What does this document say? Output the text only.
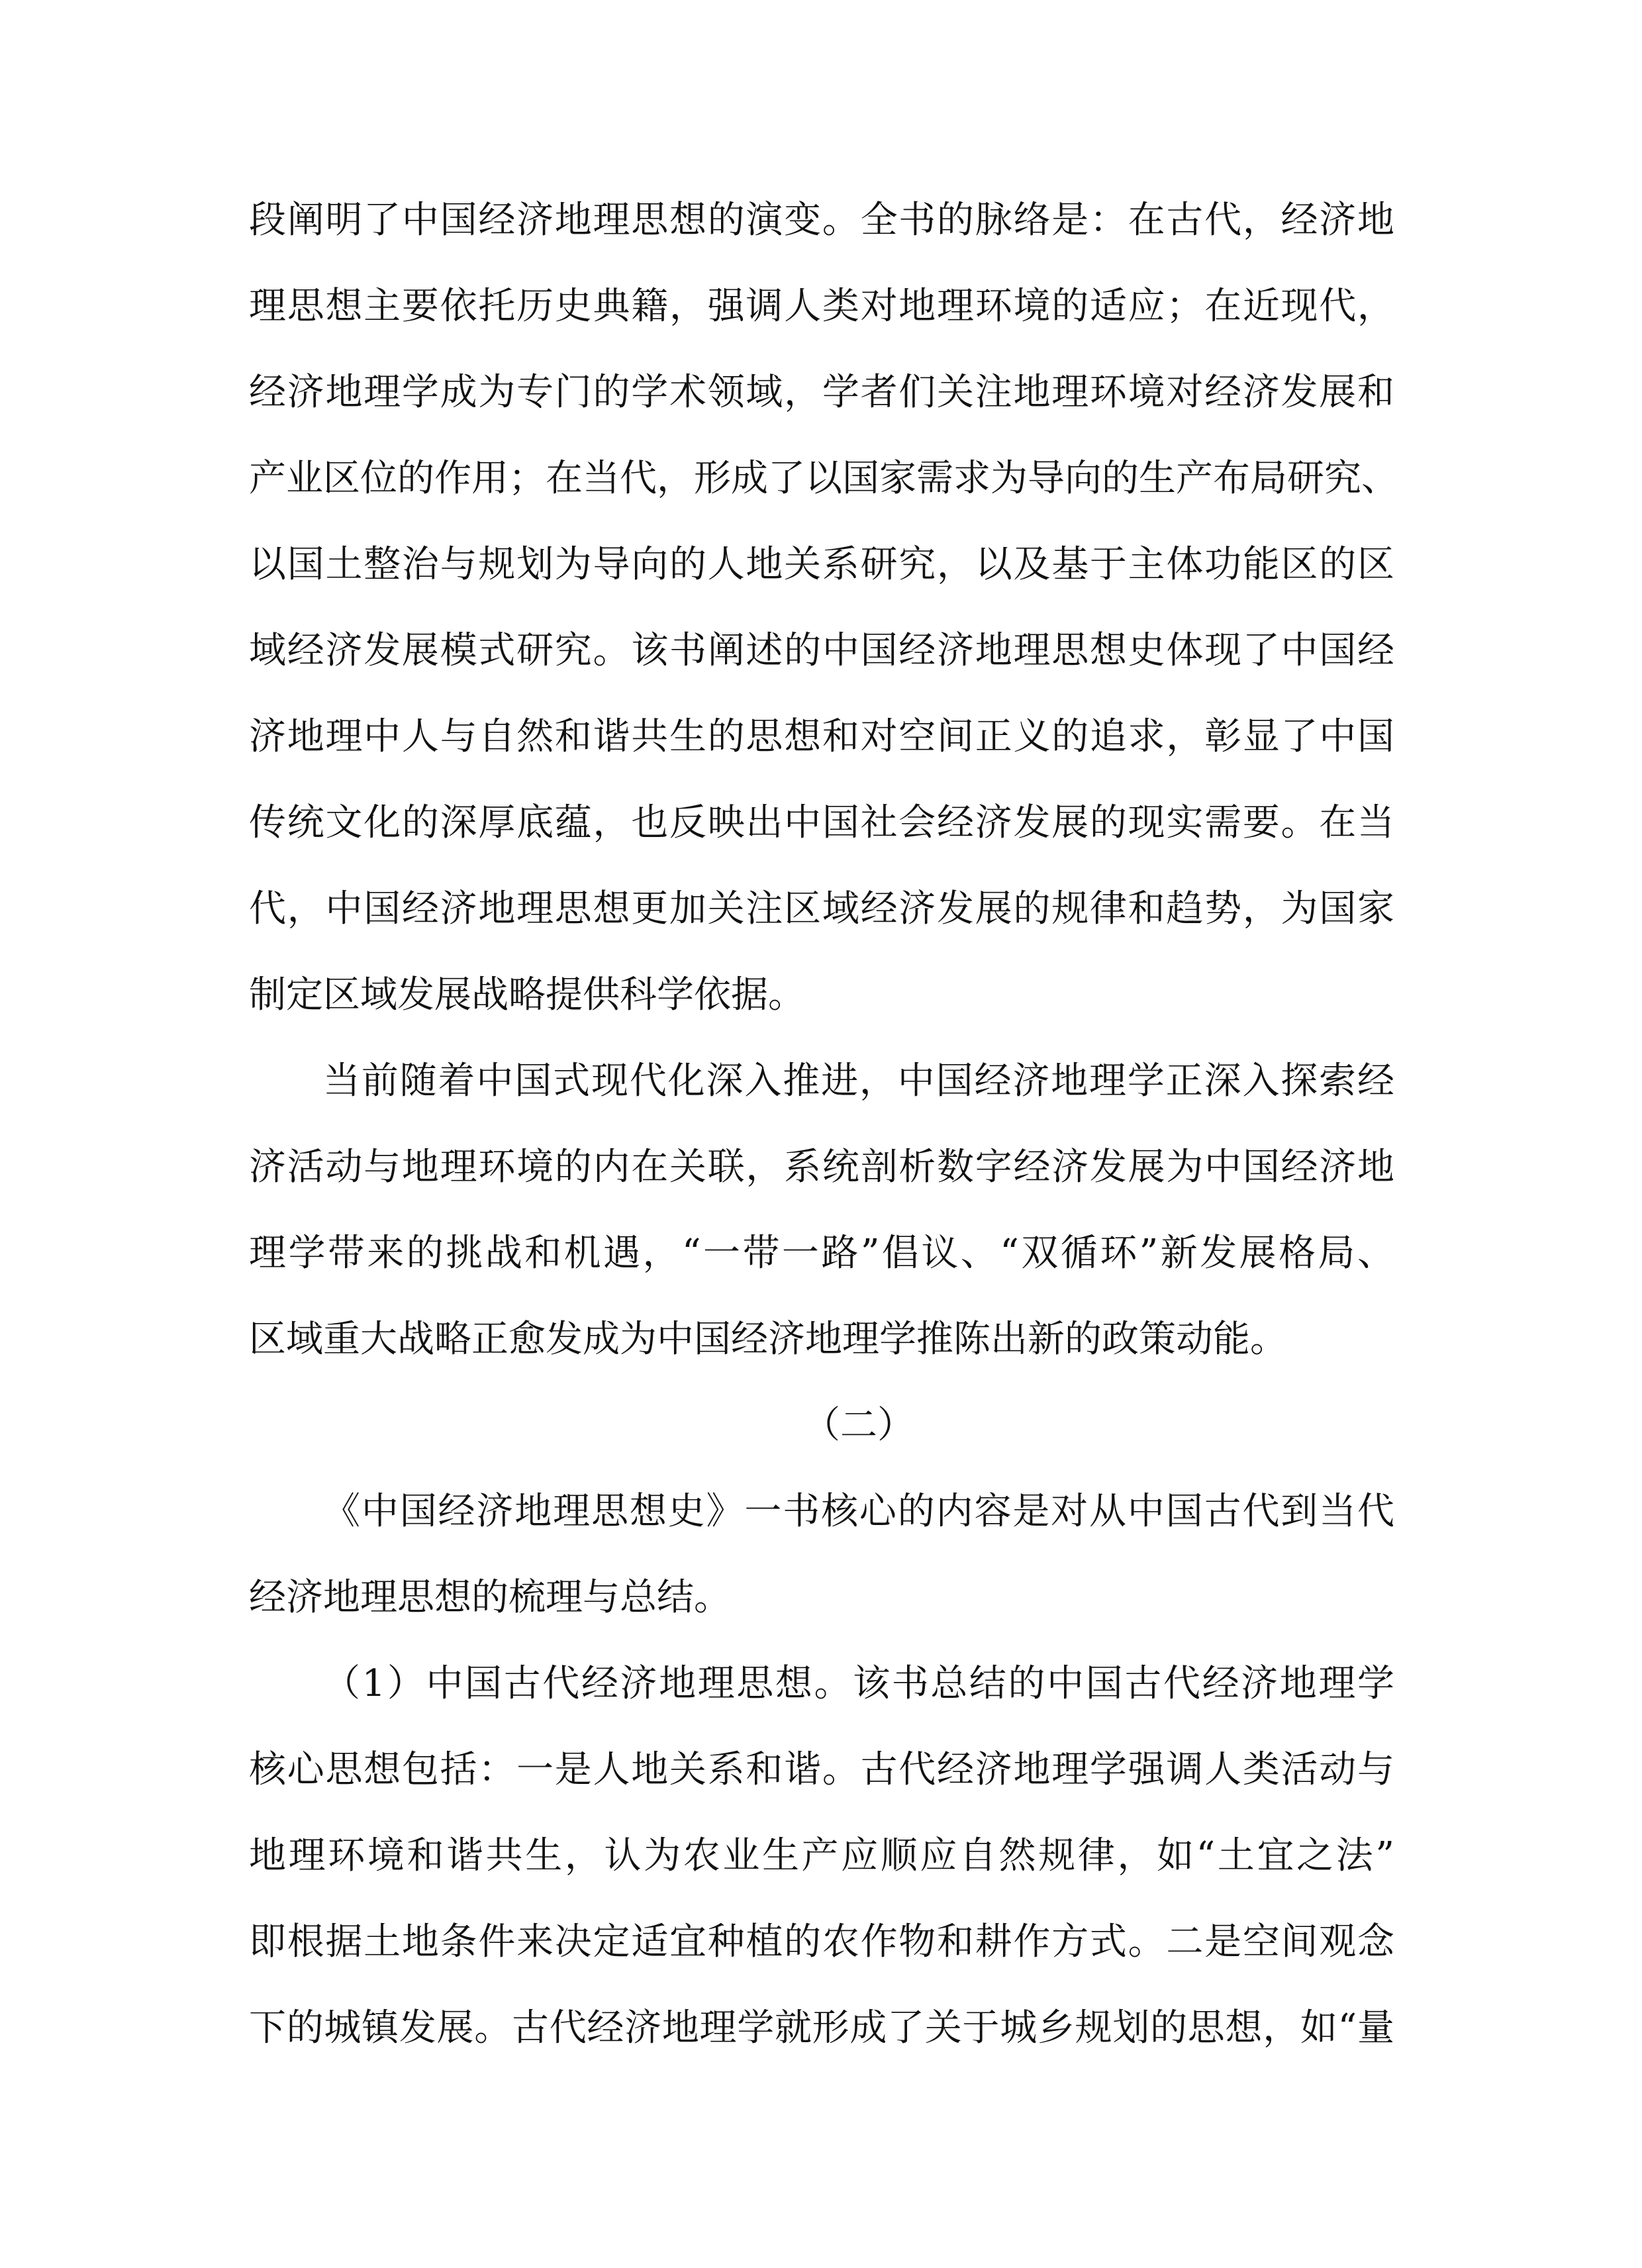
段阐明了中国经济地理思想的演变。全书的脉络是：在古代，经济地
理思想主要依托历史典籍，强调人类对地理环境的适应；在近现代，
经济地理学成为专门的学术领域，学者们关注地理环境对经济发展和
产业区位的作用；在当代，形成了以国家需求为导向的生产布局研究、
以国土整治与规划为导向的人地关系研究，以及基于主体功能区的区
域经济发展模式研究。该书阐述的中国经济地理思想史体现了中国经
济地理中人与自然和谐共生的思想和对空间正义的追求，彰显了中国
传统文化的深厚底蕴，也反映出中国社会经济发展的现实需要。在当
代，中国经济地理思想更加关注区域经济发展的规律和趋势，为国家
制定区域发展战略提供科学依据。
当前随着中国式现代化深入推进，中国经济地理学正深入探索经
济活动与地理环境的内在关联，系统剖析数字经济发展为中国经济地
理学带来的挑战和机遇，“一带一路”倡议、“双循环”新发展格局、
区域重大战略正愈发成为中国经济地理学推陈出新的政策动能。
（二）
《中国经济地理思想史》一书核心的内容是对从中国古代到当代
经济地理思想的梳理与总结。
（1）中国古代经济地理思想。该书总结的中国古代经济地理学
核心思想包括：一是人地关系和谐。古代经济地理学强调人类活动与
地理环境和谐共生，认为农业生产应顺应自然规律，如“土宜之法”
即根据土地条件来决定适宜种植的农作物和耕作方式。二是空间观念
下的城镇发展。古代经济地理学就形成了关于城乡规划的思想，如“量
